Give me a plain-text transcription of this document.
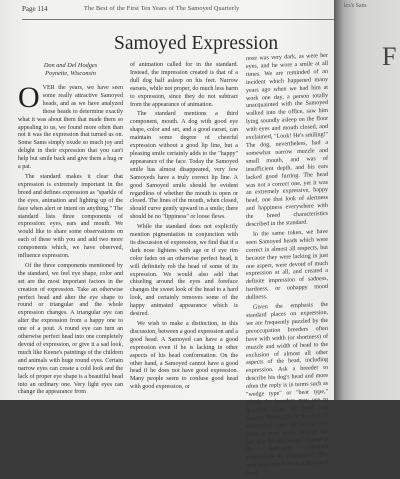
Page 114	The Best of the First Ten Years of The Samoyed Quarterly
Samoyed Expression
Don and Del Hodges
Poynette, Wisconsin

OVER the years, we have seen some really attractive Samoyed heads, and as we have analyzed those heads to determine exactly what it was about them that made them so appealing to us, we found more often than not it was the expression that turned us on. Some Sams simply exude so much joy and delight in their expression that you can't help but smile back and give them a hug or a pat.

The standard makes it clear that expression is extremely important in the breed and defines expression as "sparkle of the eyes, animation and lighting up of the face when alert or intent on anything." The standard lists three components of expression: eyes, ears and mouth. We would like to share some observations on each of these with you and add two more components which, we have observed, influence expression.

Of the three components mentioned by the standard, we feel eye shape, color and set are the most important factors in the creation of expression. Take an otherwise perfect head and alter the eye shape to round or triangular and the whole expression changes. A triangular eye can alter the expression from a happy one to one of a pout. A round eye can turn an otherwise perfect head into one completely devoid of expression, or give it a sad look, much like Keene's paintings of the children and animals with huge round eyes. Certain narrow eyes can create a cold look and the lack of proper eye shape is a beautiful head into an ordinary one. Very light eyes can change the appearance from

of animation called for in the standard. Instead, the impression created is that of a dull dog half asleep on his feet. Narrow earsets, while not proper, do much less harm to expression, since they do not subtract from the appearance of animation.

The standard mentions a third component, mouth. A dog with good eye shape, color and set, and a good earset, can maintain some degree of cheerful expression without a good lip line, but a pleasing smile certainly adds to the "happy" appearance of the face. Today the Samoyed smile has almost disappeared, very few Samoyeds have a truly correct lip line. A good Samoyed smile should be evident regardless of whether the mouth is open or closed. The lines of the mouth, when closed, should curve gently upward in a smile; there should be no "lippiness" or loose flews.

While the standard does not explicitly mention pigmentation in conjunction with its discussion of expression, we find that if a dark nose lightens with age or if eye rim color fades on an otherwise perfect head, it will definitely rob the head of some of its expression. We would also add that chiseling around the eyes and foreface changes the sweet look of the head to a hard look, and certainly removes some of the happy animated appearance which is desired.

We wish to make a distinction, in this discussion, between a good expression and a good head. A Samoyed can have a good expression even if he is lacking in other aspects of his head conformation. On the other hand, a Samoyed cannot have a good head if he does not have good expression. Many people seem to confuse good head with good expression, or

nose was very dark, as were her eyes, and he wore a smile at all times. We are reminded of an incident which happened many years ago when we had him at work one day, a person totally unacquainted with the Samoyed walked into the office, saw him lying soundly asleep on the floor with eyes and mouth closed, and exclaimed, "Look! He's smiling!" The dog, nevertheless, had a somewhat narrow muzzle and small mouth, and was of insufficient depth, and his ears lacked good furring. The head was not a correct one, yet it was an extremely expressive, happy head, one that look of alertness and happiness everywhere with the breed characteristics described in the standard.

In the same token, we have seen Samoyed heads which were correct in almost all respects, but because they were lacking in just one aspect, were devoid of much expression at all, and created a definite impression of sadness, hardness, or unhappy mood dullness.

Given the emphasis the standard places on expression, we are frequently puzzled by the preoccupation breeders often have with width (or shortness) of muzzle and width of head to the exclusion of almost all other aspects of the head, including expression. Ask a breeder to describe his dog's head and more often the reply is in terms such as "wedge type" or "bear type," which the breeders may use to describe shape of head and muzzle. Practically no mention of expression and its component parts is ever made, despite the fact that the discussion of head in the Samoyed standard emphasizes its importance. The next time you look at a Samoyed head

lcs's Sam
F
